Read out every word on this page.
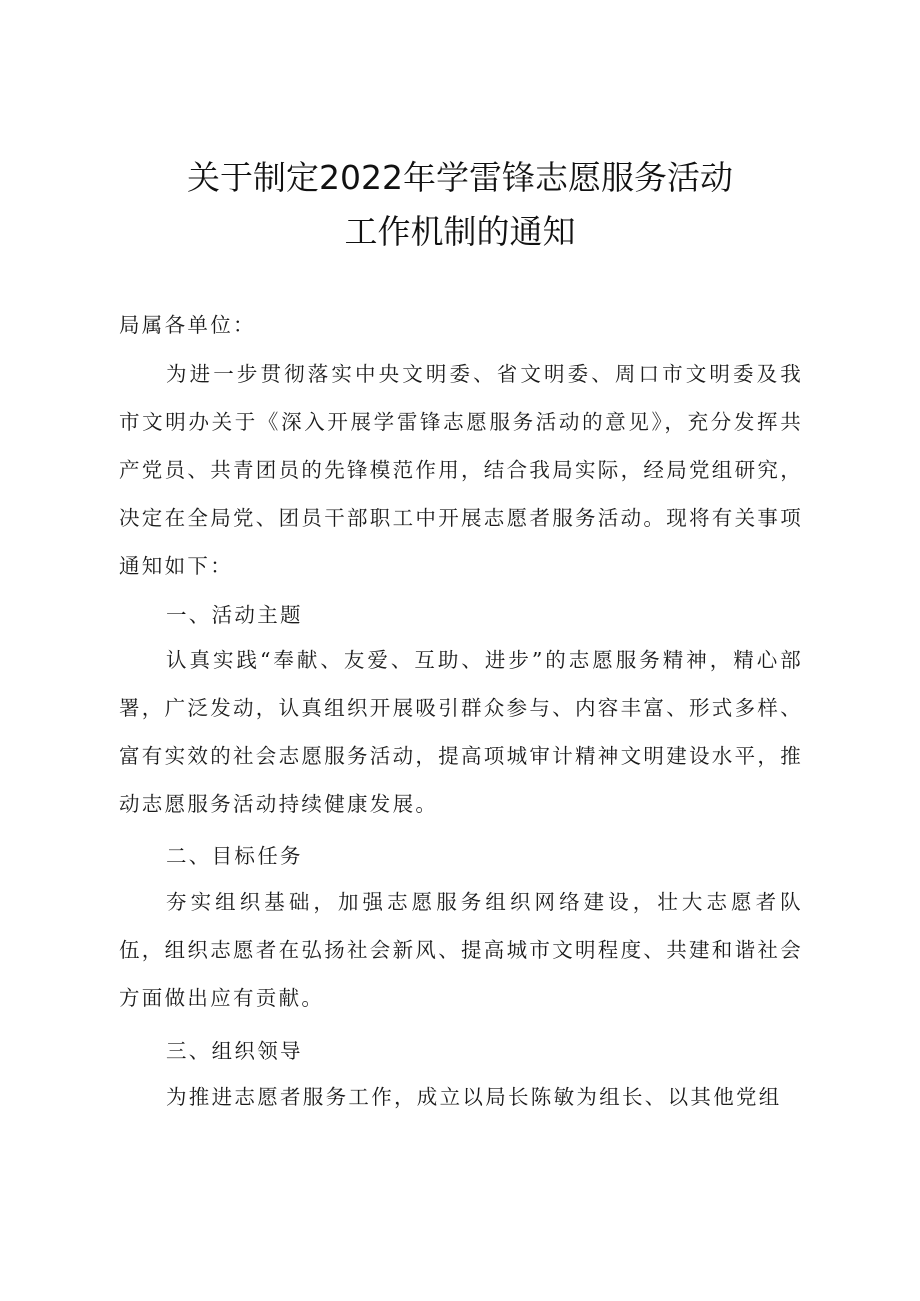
关于制定2022年学雷锋志愿服务活动
工作机制的通知
局属各单位：
为进一步贯彻落实中央文明委、省文明委、周口市文明委及我市文明办关于《深入开展学雷锋志愿服务活动的意见》，充分发挥共产党员、共青团员的先锋模范作用，结合我局实际，经局党组研究，决定在全局党、团员干部职工中开展志愿者服务活动。现将有关事项通知如下：
一、活动主题
认真实践“奉献、友爱、互助、进步”的志愿服务精神，精心部署，广泛发动，认真组织开展吸引群众参与、内容丰富、形式多样、富有实效的社会志愿服务活动，提高项城审计精神文明建设水平，推动志愿服务活动持续健康发展。
二、目标任务
夯实组织基础，加强志愿服务组织网络建设，壮大志愿者队伍，组织志愿者在弘扬社会新风、提高城市文明程度、共建和谐社会方面做出应有贡献。
三、组织领导
为推进志愿者服务工作，成立以局长陈敏为组长、以其他党组
